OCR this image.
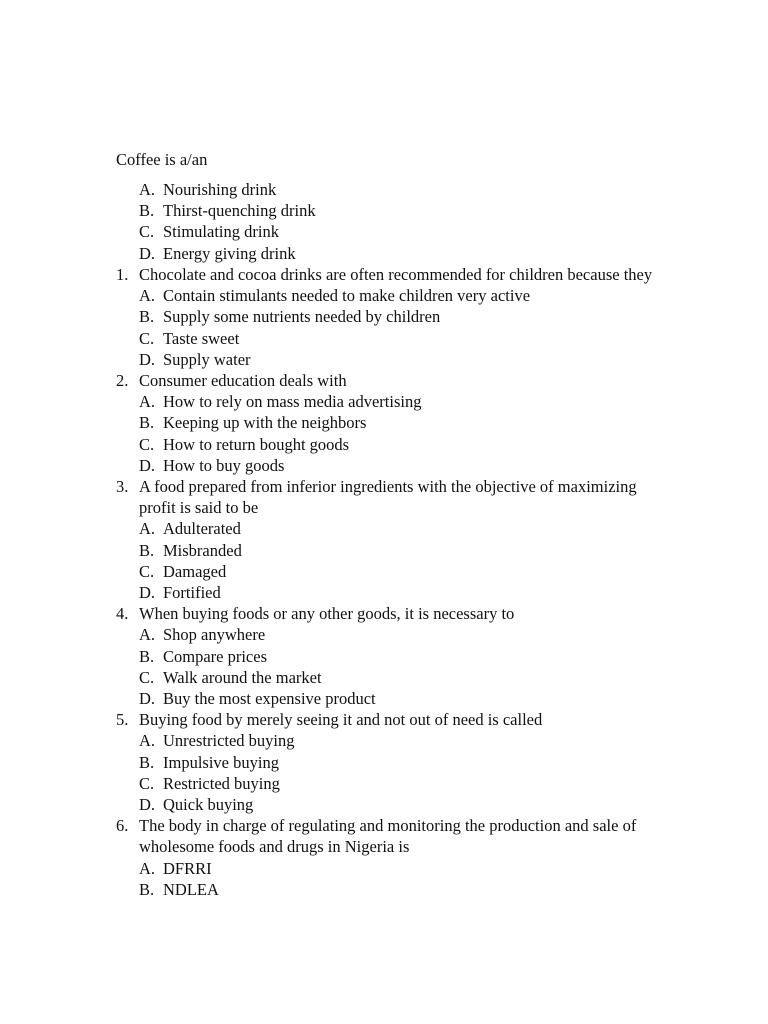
Coffee is a/an
A. Nourishing drink
B. Thirst-quenching drink
C. Stimulating drink
D. Energy giving drink
1. Chocolate and cocoa drinks are often recommended for children because they
A. Contain stimulants needed to make children very active
B. Supply some nutrients needed by children
C. Taste sweet
D. Supply water
2. Consumer education deals with
A. How to rely on mass media advertising
B. Keeping up with the neighbors
C. How to return bought goods
D. How to buy goods
3. A food prepared from inferior ingredients with the objective of maximizing profit is said to be
A. Adulterated
B. Misbranded
C. Damaged
D. Fortified
4. When buying foods or any other goods, it is necessary to
A. Shop anywhere
B. Compare prices
C. Walk around the market
D. Buy the most expensive product
5. Buying food by merely seeing it and not out of need is called
A. Unrestricted buying
B. Impulsive buying
C. Restricted buying
D. Quick buying
6. The body in charge of regulating and monitoring the production and sale of wholesome foods and drugs in Nigeria is
A. DFRRI
B. NDLEA
